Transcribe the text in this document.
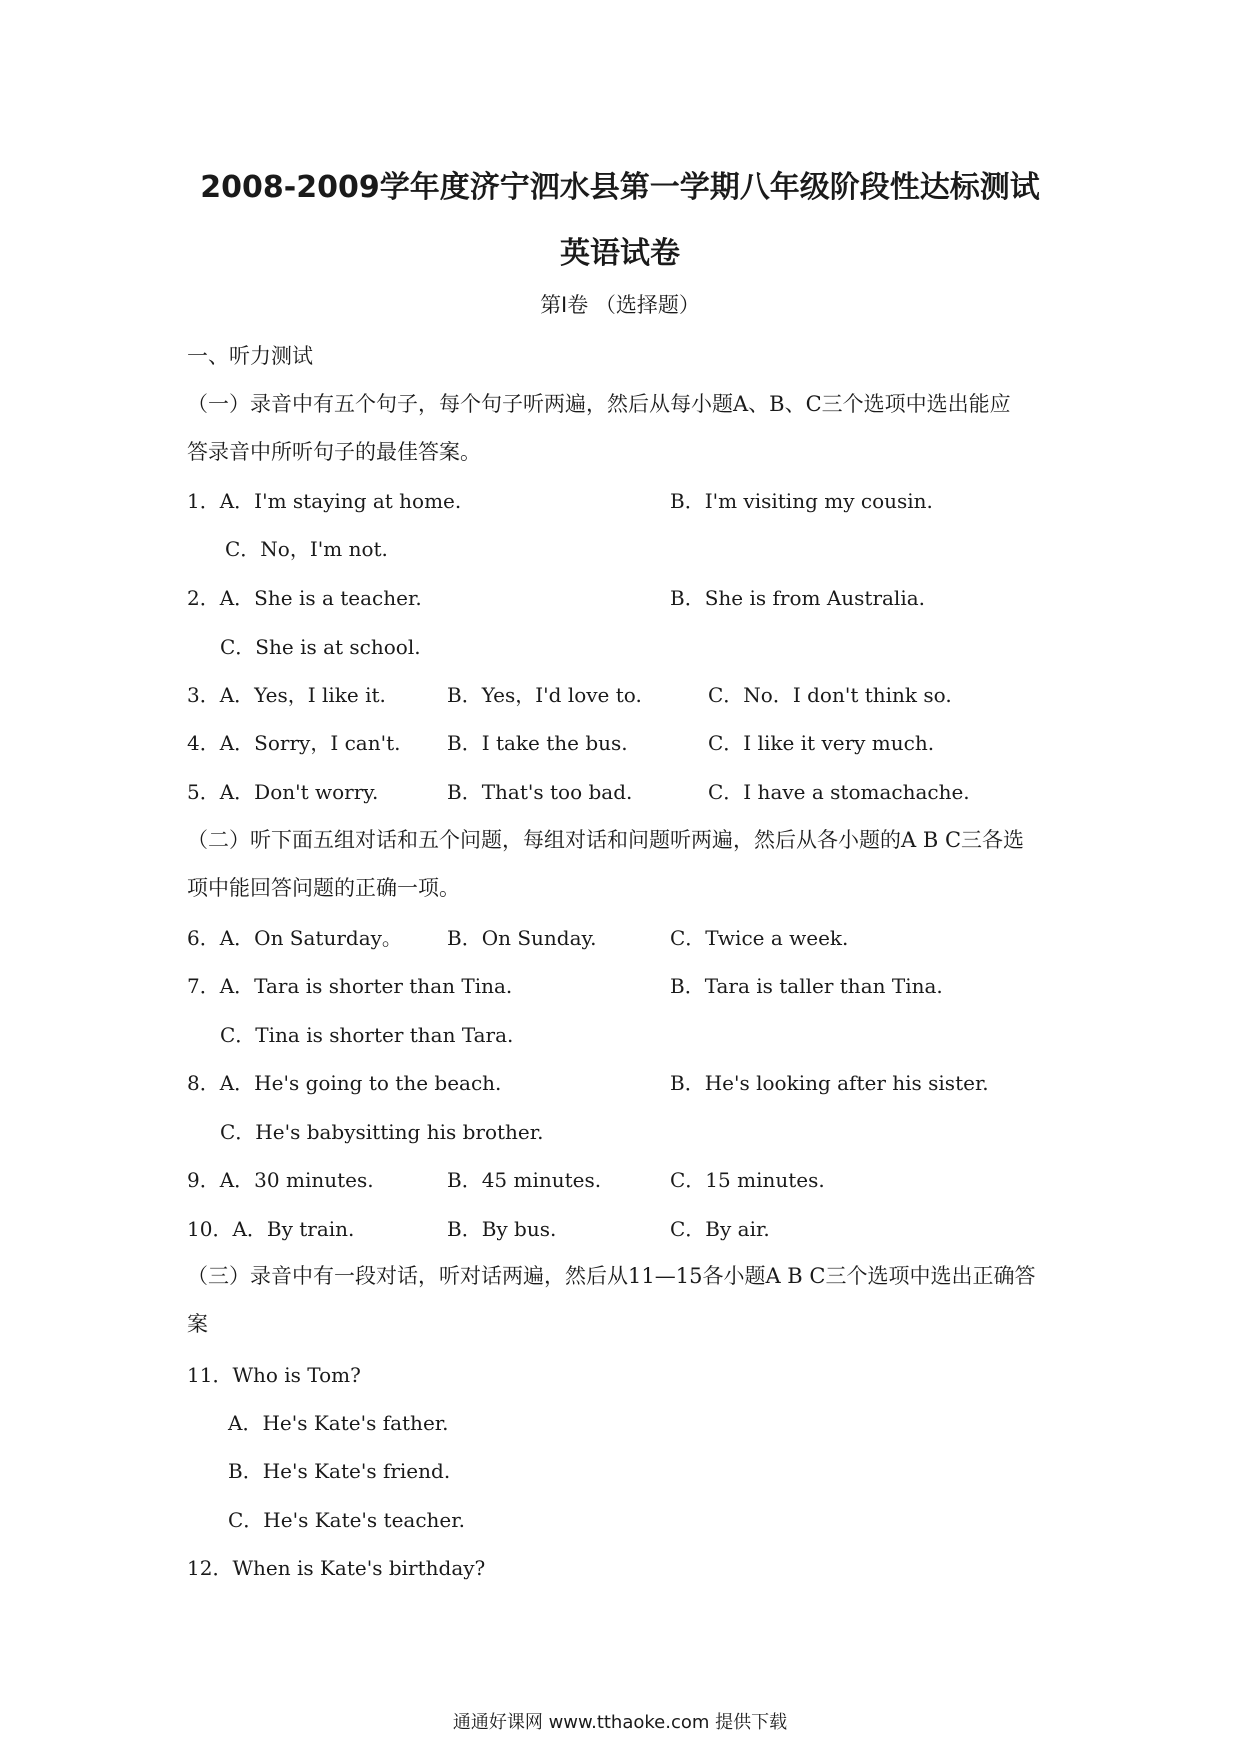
2008-2009学年度济宁泗水县第一学期八年级阶段性达标测试
英语试卷
第I卷 （选择题）
一、听力测试
（一）录音中有五个句子，每个句子听两遍，然后从每小题A、B、C三个选项中选出能应
答录音中所听句子的最佳答案。
1．A．I'm staying at home.	B．I'm visiting my cousin.
C．No，I'm not.
2．A．She is a teacher.	B．She is from Australia.
C．She is at school.
3．A．Yes，I like it.	B．Yes，I'd love to.	C．No．I don't think so.
4．A．Sorry，I can't. B．I take the bus.	C．I like it very much.
5．A．Don't worry.	B．That's too bad.	C．I have a stomachache.
（二）听下面五组对话和五个问题，每组对话和问题听两遍，然后从各小题的A B C三各选
项中能回答问题的正确一项。
6．A．On Saturday。 B．On Sunday.	C．Twice a week.
7．A．Tara is shorter than Tina.	B．Tara is taller than Tina.
C．Tina is shorter than Tara.
8．A．He's going to the beach.	B．He's looking after his sister.
C．He's babysitting his brother.
9．A．30 minutes.	B．45 minutes.	C．15 minutes.
10．A．By train.	B．By bus.	C．By air.
（三）录音中有一段对话，听对话两遍，然后从11—15各小题A B C三个选项中选出正确答
案
11．Who is Tom?
A．He's Kate's father.
B．He's Kate's friend.
C．He's Kate's teacher.
12．When is Kate's birthday?
通通好课网 www.tthaoke.com 提供下载
